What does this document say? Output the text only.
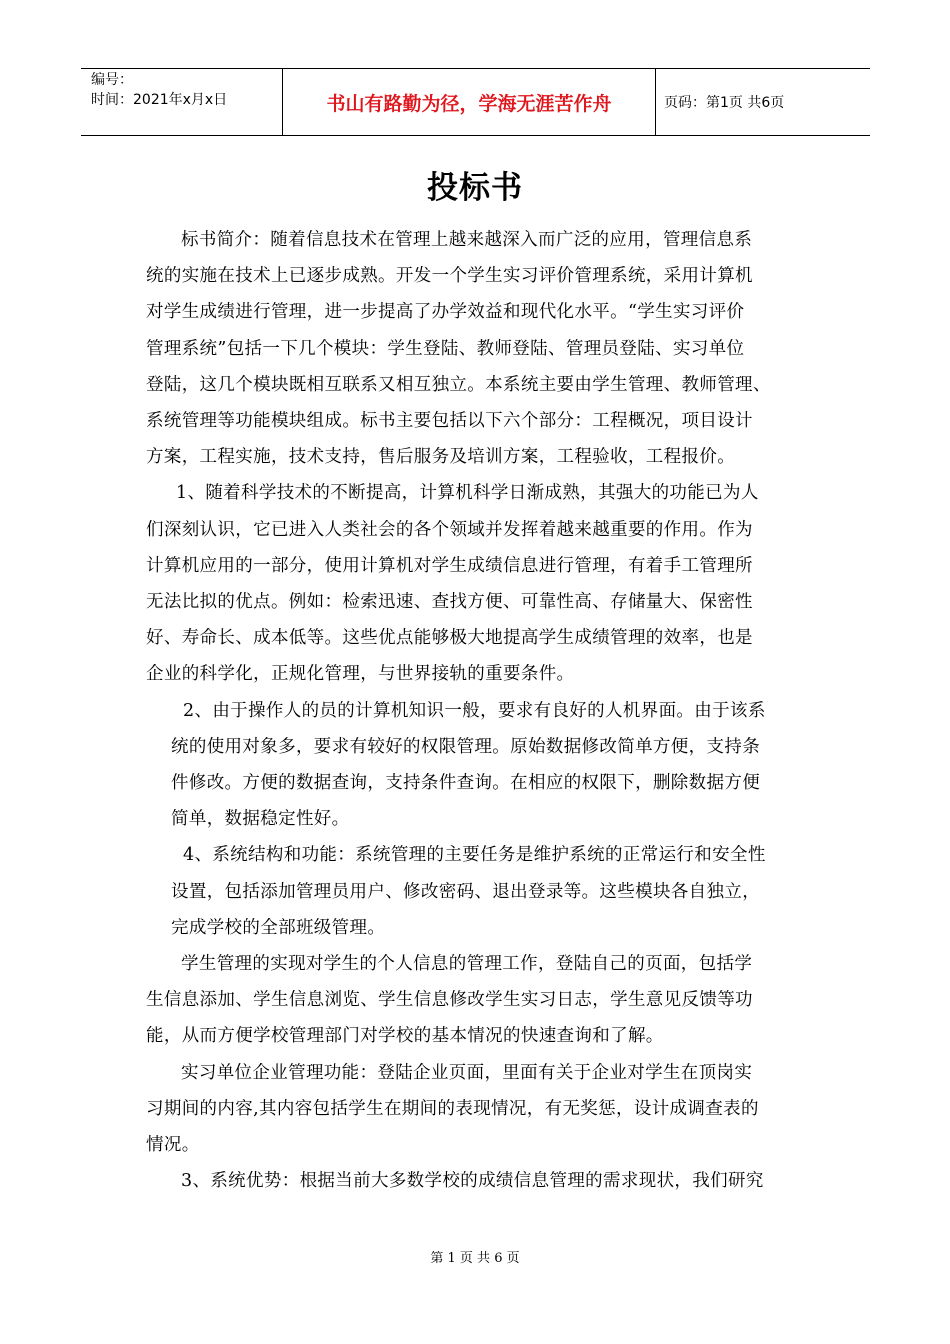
编号：
时间：2021年x月x日	书山有路勤为径，学海无涯苦作舟	页码：第1页 共6页
投标书

标书简介：随着信息技术在管理上越来越深入而广泛的应用，管理信息系
统的实施在技术上已逐步成熟。开发一个学生实习评价管理系统，采用计算机
对学生成绩进行管理，进一步提高了办学效益和现代化水平。“学生实习评价
管理系统”包括一下几个模块：学生登陆、教师登陆、管理员登陆、实习单位
登陆，这几个模块既相互联系又相互独立。本系统主要由学生管理、教师管理、
系统管理等功能模块组成。标书主要包括以下六个部分：工程概况，项目设计
方案，工程实施，技术支持，售后服务及培训方案，工程验收，工程报价。

1、随着科学技术的不断提高，计算机科学日渐成熟，其强大的功能已为人
们深刻认识，它已进入人类社会的各个领域并发挥着越来越重要的作用。作为
计算机应用的一部分，使用计算机对学生成绩信息进行管理，有着手工管理所
无法比拟的优点。例如：检索迅速、查找方便、可靠性高、存储量大、保密性
好、寿命长、成本低等。这些优点能够极大地提高学生成绩管理的效率，也是
企业的科学化，正规化管理，与世界接轨的重要条件。

2、由于操作人的员的计算机知识一般，要求有良好的人机界面。由于该系
统的使用对象多，要求有较好的权限管理。原始数据修改简单方便，支持条
件修改。方便的数据查询，支持条件查询。在相应的权限下，删除数据方便
简单，数据稳定性好。

4、系统结构和功能：系统管理的主要任务是维护系统的正常运行和安全性
设置，包括添加管理员用户、修改密码、退出登录等。这些模块各自独立，
完成学校的全部班级管理。

学生管理的实现对学生的个人信息的管理工作，登陆自己的页面，包括学
生信息添加、学生信息浏览、学生信息修改学生实习日志，学生意见反馈等功
能，从而方便学校管理部门对学校的基本情况的快速查询和了解。

实习单位企业管理功能：登陆企业页面，里面有关于企业对学生在顶岗实
习期间的内容,其内容包括学生在期间的表现情况，有无奖惩，设计成调查表的
情况。

3、系统优势：根据当前大多数学校的成绩信息管理的需求现状，我们研究

第 1 页 共 6 页
